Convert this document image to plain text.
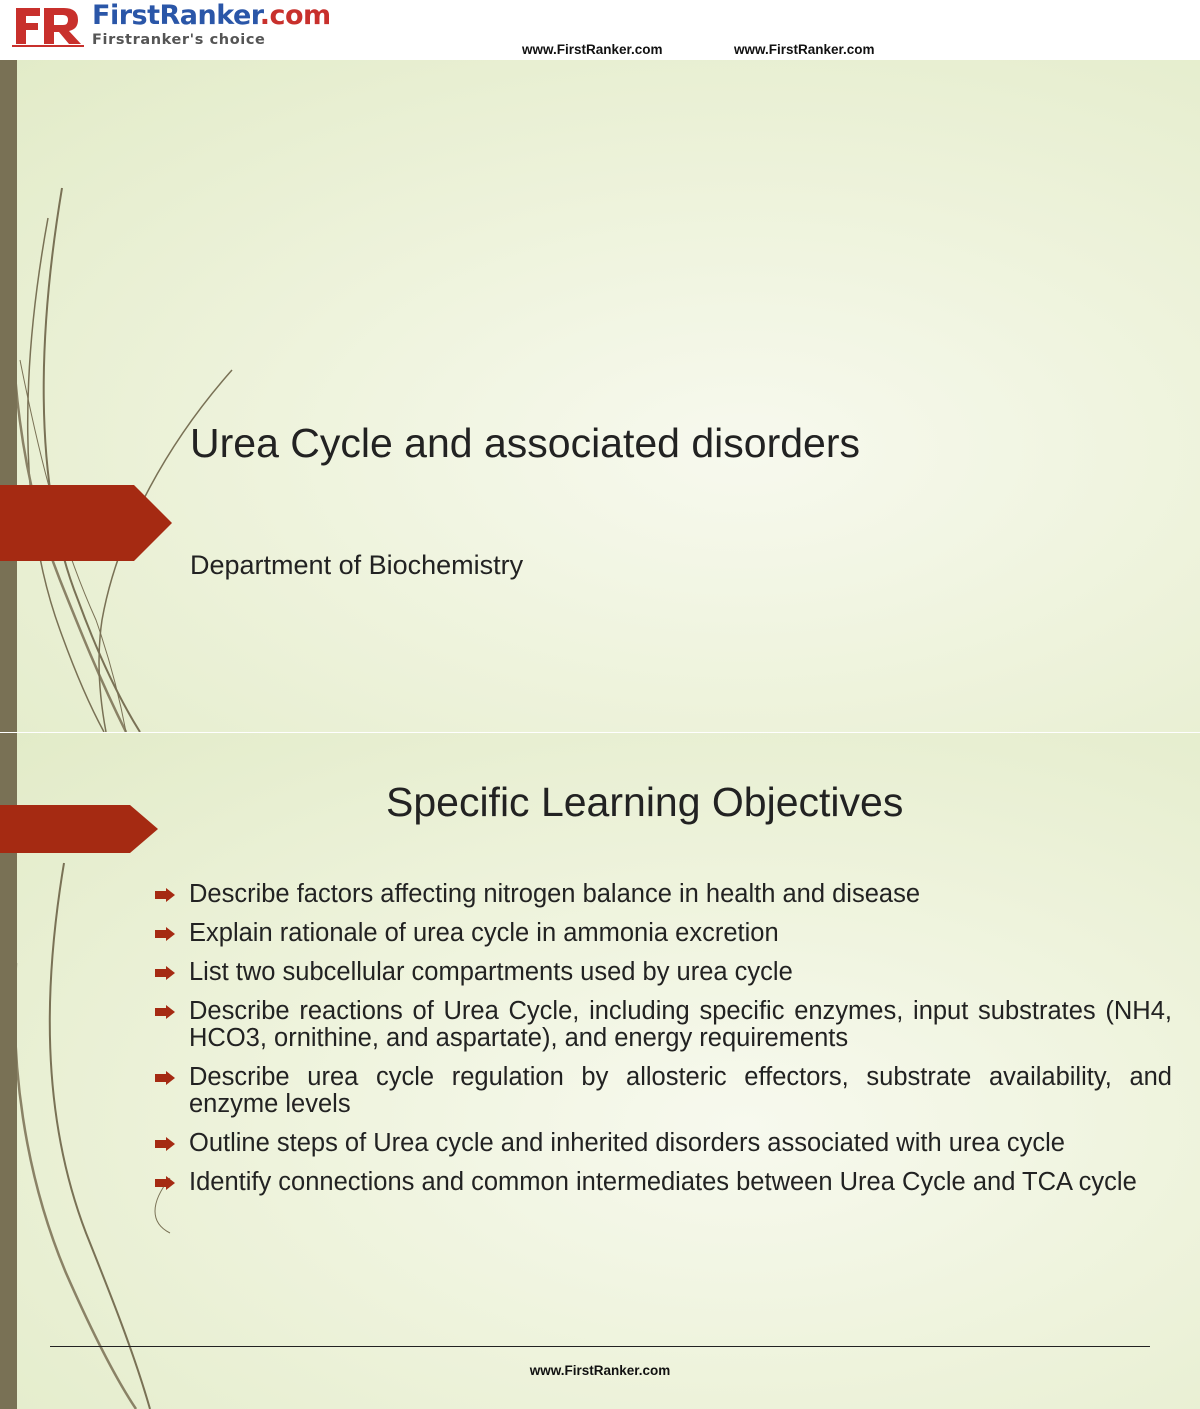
FirstRanker.com
Firstranker's choice
www.FirstRanker.com	www.FirstRanker.com
Urea Cycle and associated disorders
Department of Biochemistry
Specific Learning Objectives
Describe factors affecting nitrogen balance in health and disease
Explain rationale of urea cycle in ammonia excretion
List two subcellular compartments used by urea cycle
Describe reactions of Urea Cycle, including specific enzymes, input substrates (NH4, HCO3, ornithine, and aspartate), and energy requirements
Describe urea cycle regulation by allosteric effectors, substrate availability, and enzyme levels
Outline steps of Urea cycle and inherited disorders associated with urea cycle
Identify connections and common intermediates between Urea Cycle and TCA cycle
www.FirstRanker.com
